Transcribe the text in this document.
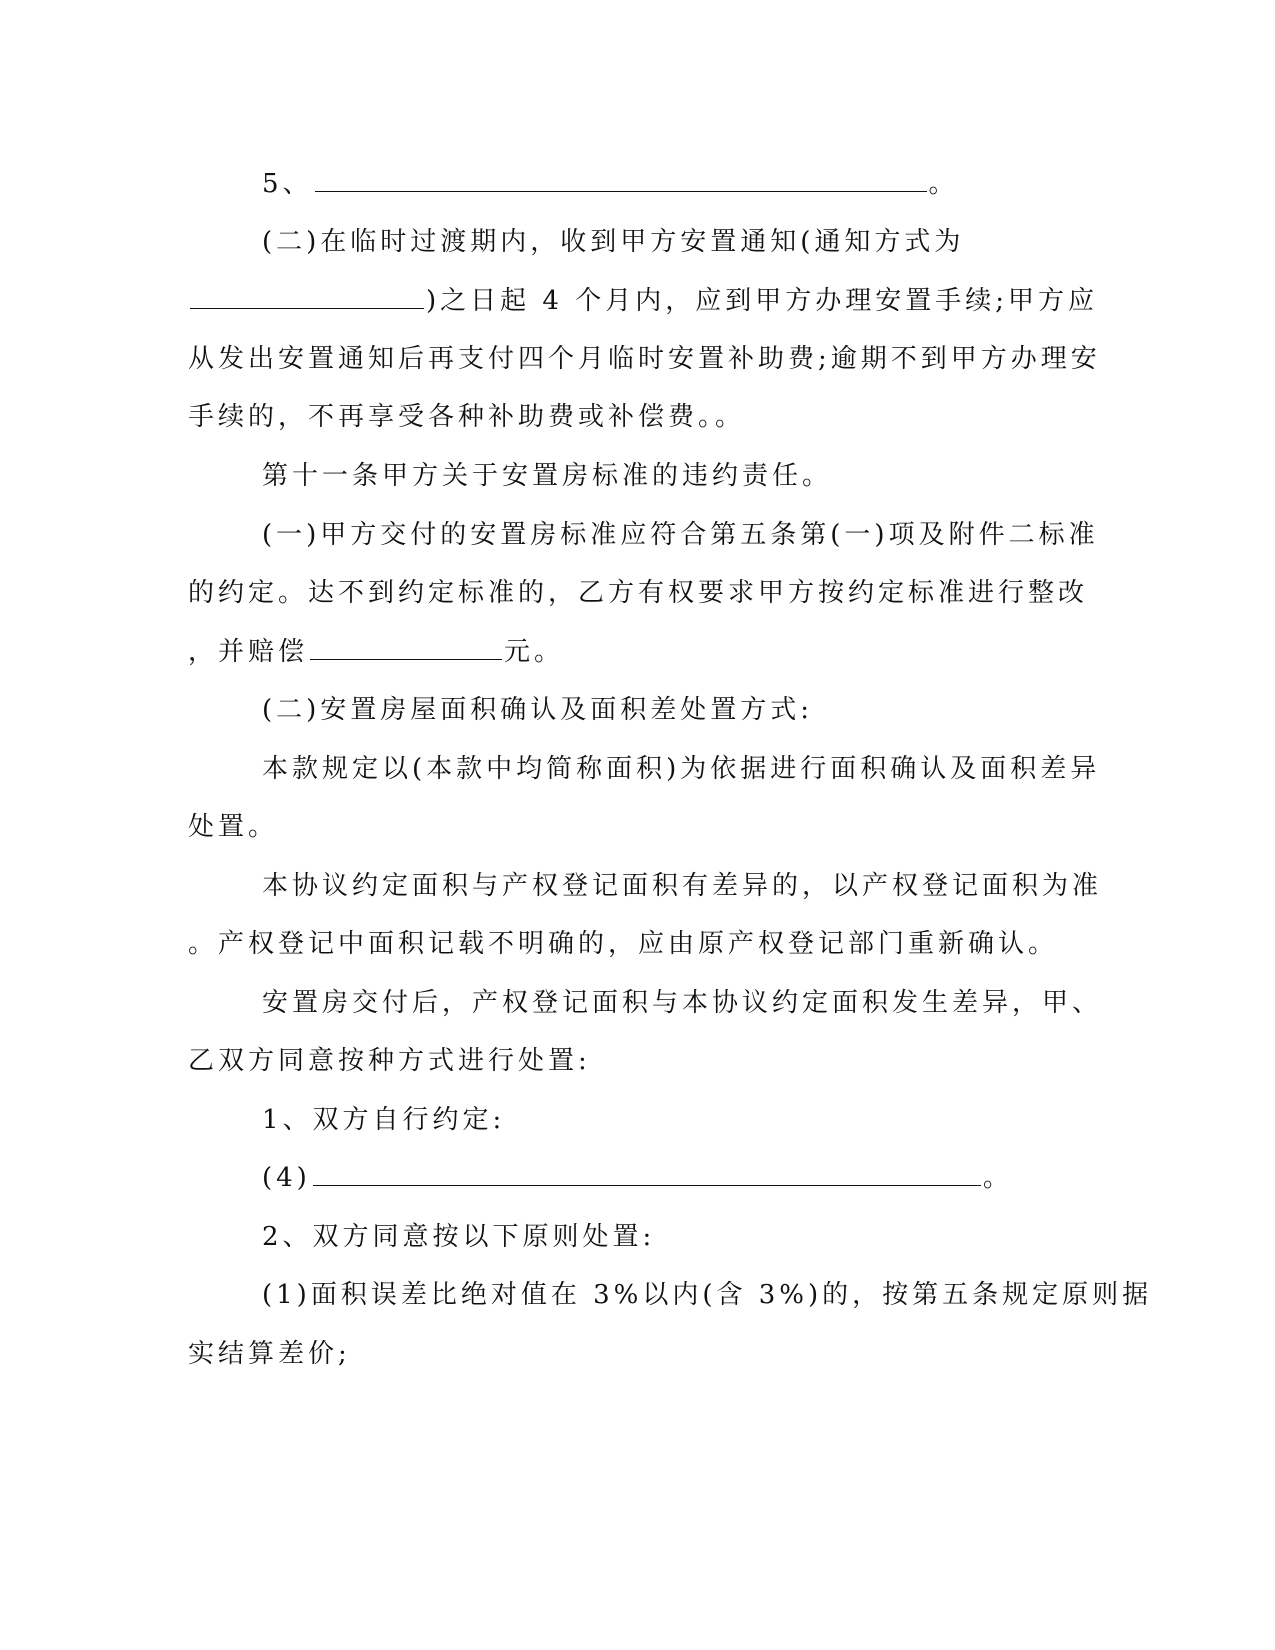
5、	。
(二)在临时过渡期内，收到甲方安置通知(通知方式为
)之日起 4 个月内，应到甲方办理安置手续;甲方应
从发出安置通知后再支付四个月临时安置补助费;逾期不到甲方办理安
手续的，不再享受各种补助费或补偿费。。
第十一条甲方关于安置房标准的违约责任。
(一)甲方交付的安置房标准应符合第五条第(一)项及附件二标准
的约定。达不到约定标准的，乙方有权要求甲方按约定标准进行整改
，并赔偿	元。
(二)安置房屋面积确认及面积差处置方式:
本款规定以(本款中均简称面积)为依据进行面积确认及面积差异
处置。
本协议约定面积与产权登记面积有差异的，以产权登记面积为准
。产权登记中面积记载不明确的，应由原产权登记部门重新确认。
安置房交付后，产权登记面积与本协议约定面积发生差异，甲、
乙双方同意按种方式进行处置:
1、双方自行约定:
(4)	。
2、双方同意按以下原则处置:
(1)面积误差比绝对值在 3%以内(含 3%)的，按第五条规定原则据
实结算差价;
